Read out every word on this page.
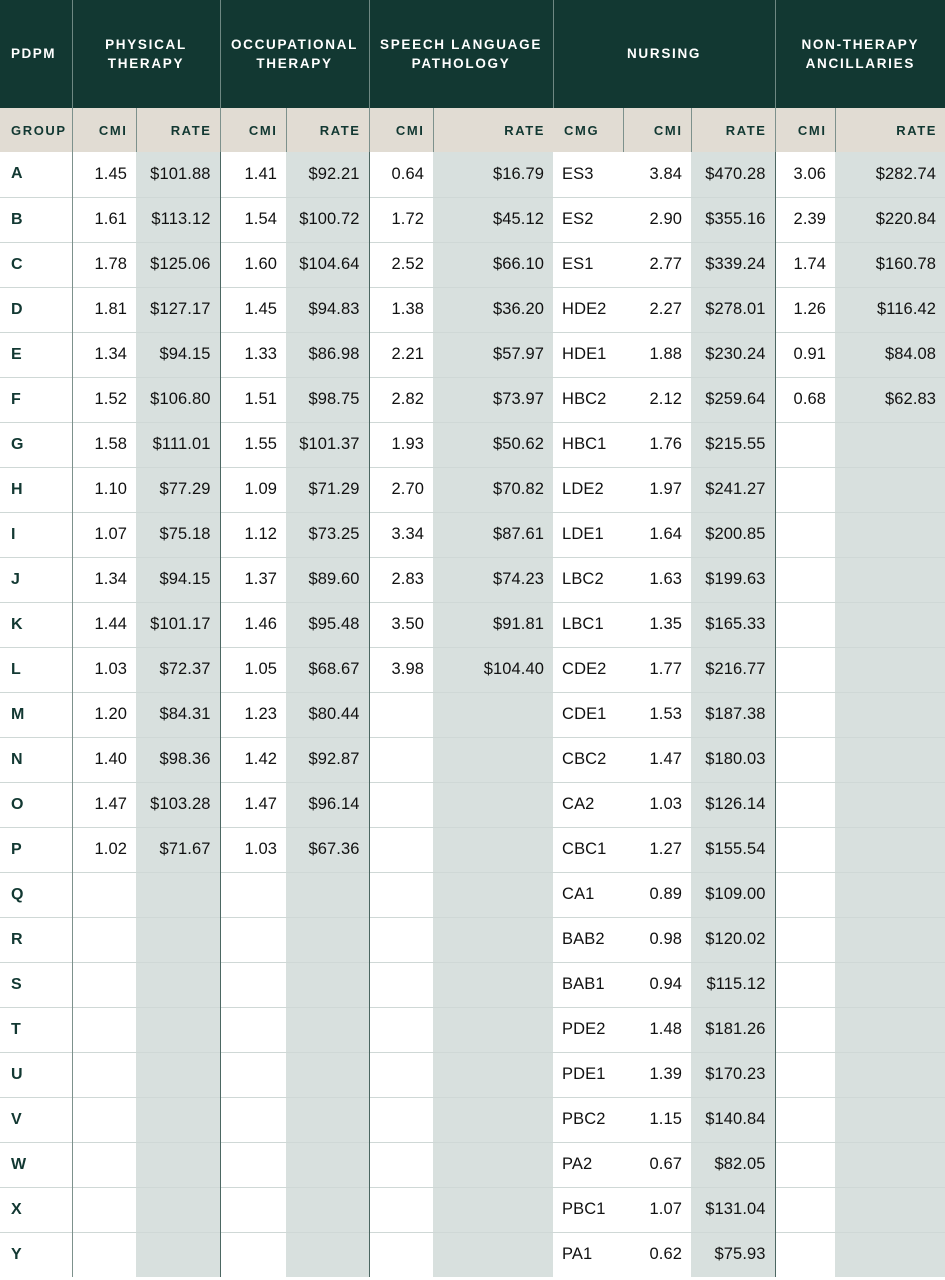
PDPM	PHYSICAL THERAPY		OCCUPATIONAL THERAPY		SPEECH LANGUAGE PATHOLOGY		NURSING			NON-THERAPY ANCILLARIES	
GROUP	CMI	RATE	CMI	RATE	CMI	RATE	CMG	CMI	RATE	CMI	RATE
A	1.45	$101.88	1.41	$92.21	0.64	$16.79	ES3	3.84	$470.28	3.06	$282.74
B	1.61	$113.12	1.54	$100.72	1.72	$45.12	ES2	2.90	$355.16	2.39	$220.84
C	1.78	$125.06	1.60	$104.64	2.52	$66.10	ES1	2.77	$339.24	1.74	$160.78
D	1.81	$127.17	1.45	$94.83	1.38	$36.20	HDE2	2.27	$278.01	1.26	$116.42
E	1.34	$94.15	1.33	$86.98	2.21	$57.97	HDE1	1.88	$230.24	0.91	$84.08
F	1.52	$106.80	1.51	$98.75	2.82	$73.97	HBC2	2.12	$259.64	0.68	$62.83
G	1.58	$111.01	1.55	$101.37	1.93	$50.62	HBC1	1.76	$215.55		
H	1.10	$77.29	1.09	$71.29	2.70	$70.82	LDE2	1.97	$241.27		
I	1.07	$75.18	1.12	$73.25	3.34	$87.61	LDE1	1.64	$200.85		
J	1.34	$94.15	1.37	$89.60	2.83	$74.23	LBC2	1.63	$199.63		
K	1.44	$101.17	1.46	$95.48	3.50	$91.81	LBC1	1.35	$165.33		
L	1.03	$72.37	1.05	$68.67	3.98	$104.40	CDE2	1.77	$216.77		
M	1.20	$84.31	1.23	$80.44			CDE1	1.53	$187.38		
N	1.40	$98.36	1.42	$92.87			CBC2	1.47	$180.03		
O	1.47	$103.28	1.47	$96.14			CA2	1.03	$126.14		
P	1.02	$71.67	1.03	$67.36			CBC1	1.27	$155.54		
Q							CA1	0.89	$109.00		
R							BAB2	0.98	$120.02		
S							BAB1	0.94	$115.12		
T							PDE2	1.48	$181.26		
U							PDE1	1.39	$170.23		
V							PBC2	1.15	$140.84		
W							PA2	0.67	$82.05		
X							PBC1	1.07	$131.04		
Y							PA1	0.62	$75.93		
